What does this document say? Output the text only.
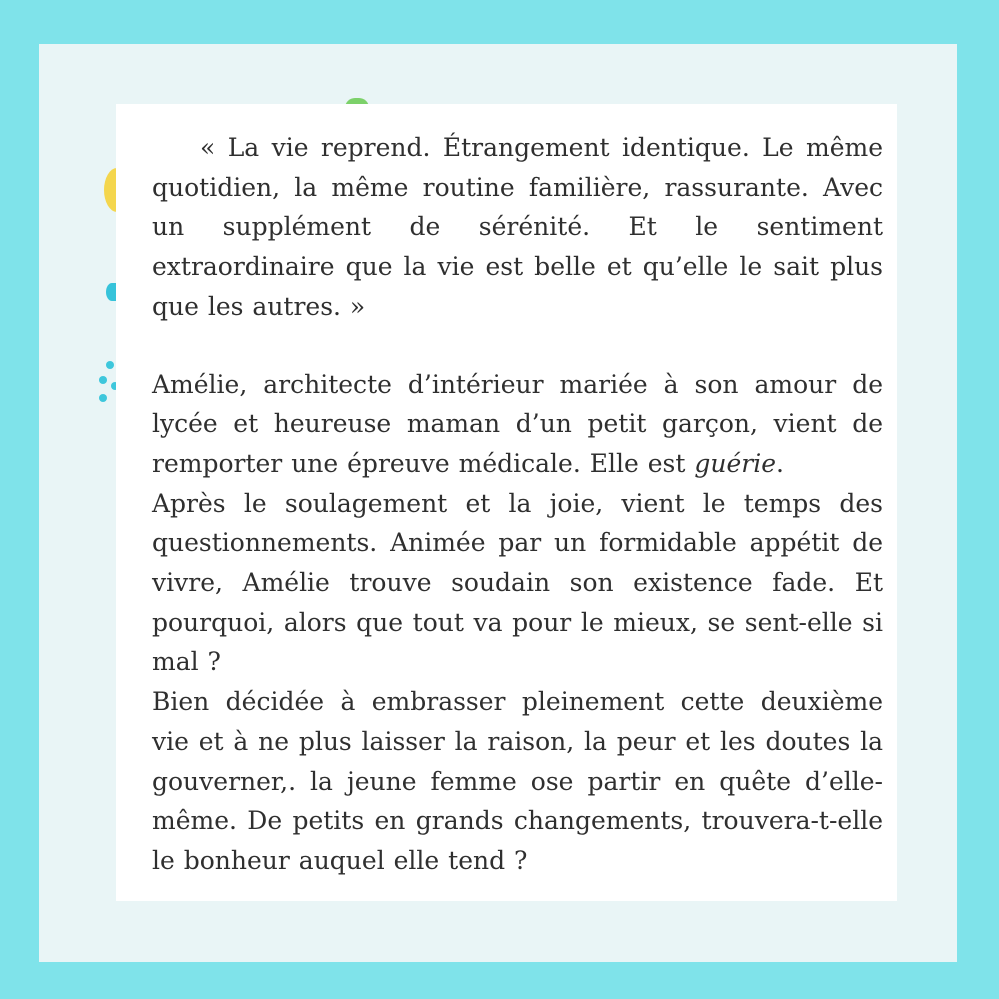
« La vie reprend. Étrangement identique. Le même quotidien, la même routine familière, rassurante. Avec un supplément de sérénité. Et le sentiment extraordinaire que la vie est belle et qu’elle le sait plus que les autres. »

Amélie, architecte d’intérieur mariée à son amour de lycée et heureuse maman d’un petit garçon, vient de remporter une épreuve médicale. Elle est guérie.

Après le soulagement et la joie, vient le temps des questionnements. Animée par un formidable appétit de vivre, Amélie trouve soudain son existence fade. Et pourquoi, alors que tout va pour le mieux, se sent-elle si mal ?

Bien décidée à embrasser pleinement cette deuxième vie et à ne plus laisser la raison, la peur et les doutes la gouverner,. la jeune femme ose partir en quête d’elle-même. De petits en grands changements, trouvera-t-elle le bonheur auquel elle tend ?
